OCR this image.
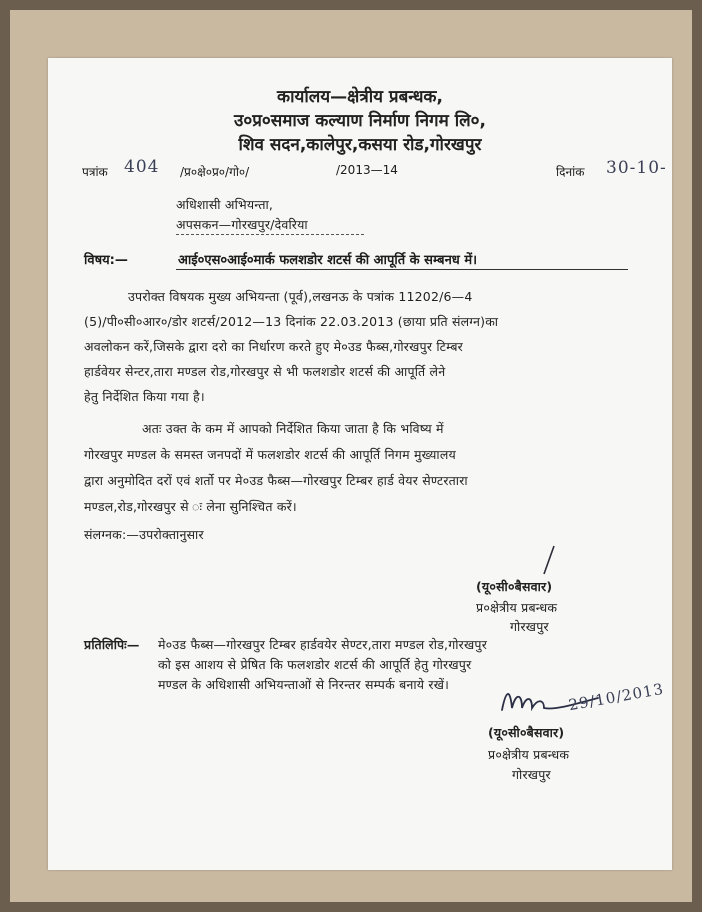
कार्यालय—क्षेत्रीय प्रबन्धक,
उ०प्र०समाज कल्याण निर्माण निगम लि०,
शिव सदन,कालेपुर,कसया रोड,गोरखपुर
पत्रांक 404 /प्र०क्षे०प्र०/गो०/	/2013—14	दिनांक 30-10-
अधिशासी अभियन्ता,
अपसकन—गोरखपुर/देवरिया
विषय:—	आई०एस०आई०मार्क फलशडोर शटर्स की आपूर्ति के सम्बनध में।
उपरोक्त विषयक मुख्य अभियन्ता (पूर्व),लखनऊ के पत्रांक 11202/6—4
(5)/पी०सी०आर०/डोर शटर्स/2012—13 दिनांक 22.03.2013 (छाया प्रति संलग्न)का
अवलोकन करें,जिसके द्वारा दरो का निर्धारण करते हुए मे०उड फैब्स,गोरखपुर टिम्बर
हार्डवेयर सेन्टर,तारा मण्डल रोड,गोरखपुर से भी फलशडोर शटर्स की आपूर्ति लेने
हेतु निर्देशित किया गया है।
अतः उक्त के कम में आपको निर्देशित किया जाता है कि भविष्य में
गोरखपुर मण्डल के समस्त जनपदों में फलशडोर शटर्स की आपूर्ति निगम मुख्यालय
द्वारा अनुमोदित दरों एवं शर्तो पर मे०उड फैब्स—गोरखपुर टिम्बर हार्ड वेयर सेण्टरतारा
मण्डल,रोड,गोरखपुर से ः लेना सुनिश्चित करें।
संलग्नक:—उपरोक्तानुसार
(यू०सी०बैसवार)
प्र०क्षेत्रीय प्रबन्धक
गोरखपुर
प्रतिलिपिः— मे०उड फैब्स—गोरखपुर टिम्बर हार्डवयेर सेण्टर,तारा मण्डल रोड,गोरखपुर
को इस आशय से प्रेषित कि फलशडोर शटर्स की आपूर्ति हेतु गोरखपुर
मण्डल के अधिशासी अभियन्ताओं से निरन्तर सम्पर्क बनाये रखें।	29/10/2013
(यू०सी०बैसवार)
प्र०क्षेत्रीय प्रबन्धक
गोरखपुर
